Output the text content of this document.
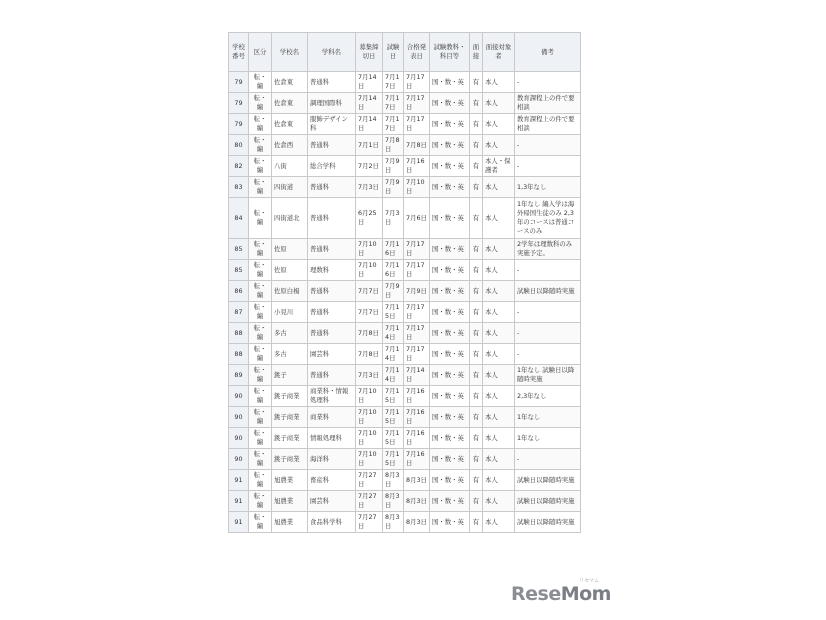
学校番号	区分	学校名	学科名	募集締切日	試験日	合格発表日	試験教科・科目等	面接	面接対象者	備考
79	転・編	佐倉東	普通科	7月14日	7月17日	7月17日	国・数・英	有	本人	-
79	転・編	佐倉東	調理国際科	7月14日	7月17日	7月17日	国・数・英	有	本人	教育課程上の件で要相談
79	転・編	佐倉東	服飾デザイン科	7月14日	7月17日	7月17日	国・数・英	有	本人	教育課程上の件で要相談
80	転・編	佐倉西	普通科	7月1日	7月8日	7月8日	国・数・英	有	本人	-
82	転・編	八街	総合学科	7月2日	7月9日	7月16日	国・数・英	有	本人・保護者	-
83	転・編	四街道	普通科	7月3日	7月9日	7月10日	国・数・英	有	本人	1,3年なし
84	転・編	四街道北	普通科	6月25日	7月3日	7月6日	国・数・英	有	本人	1年なし 編入学は海外帰国生徒のみ 2,3年のコースは普通コースのみ
85	転・編	佐原	普通科	7月10日	7月16日	7月17日	国・数・英	有	本人	2学年は理数科のみ実施予定。
85	転・編	佐原	理数科	7月10日	7月16日	7月17日	国・数・英	有	本人	-
86	転・編	佐原白楊	普通科	7月7日	7月9日	7月9日	国・数・英	有	本人	試験日以降随時実施
87	転・編	小見川	普通科	7月7日	7月15日	7月17日	国・数・英	有	本人	-
88	転・編	多古	普通科	7月8日	7月14日	7月17日	国・数・英	有	本人	-
88	転・編	多古	園芸科	7月8日	7月14日	7月17日	国・数・英	有	本人	-
89	転・編	銚子	普通科	7月3日	7月14日	7月14日	国・数・英	有	本人	1年なし 試験日以降随時実施
90	転・編	銚子商業	商業科・情報処理科	7月10日	7月15日	7月16日	国・数・英	有	本人	2,3年なし
90	転・編	銚子商業	商業科	7月10日	7月15日	7月16日	国・数・英	有	本人	1年なし
90	転・編	銚子商業	情報処理科	7月10日	7月15日	7月16日	国・数・英	有	本人	1年なし
90	転・編	銚子商業	海洋科	7月10日	7月15日	7月16日	国・数・英	有	本人	-
91	転・編	旭農業	畜産科	7月27日	8月3日	8月3日	国・数・英	有	本人	試験日以降随時実施
91	転・編	旭農業	園芸科	7月27日	8月3日	8月3日	国・数・英	有	本人	試験日以降随時実施
91	転・編	旭農業	食品科学科	7月27日	8月3日	8月3日	国・数・英	有	本人	試験日以降随時実施
ReseMom
リセマム
